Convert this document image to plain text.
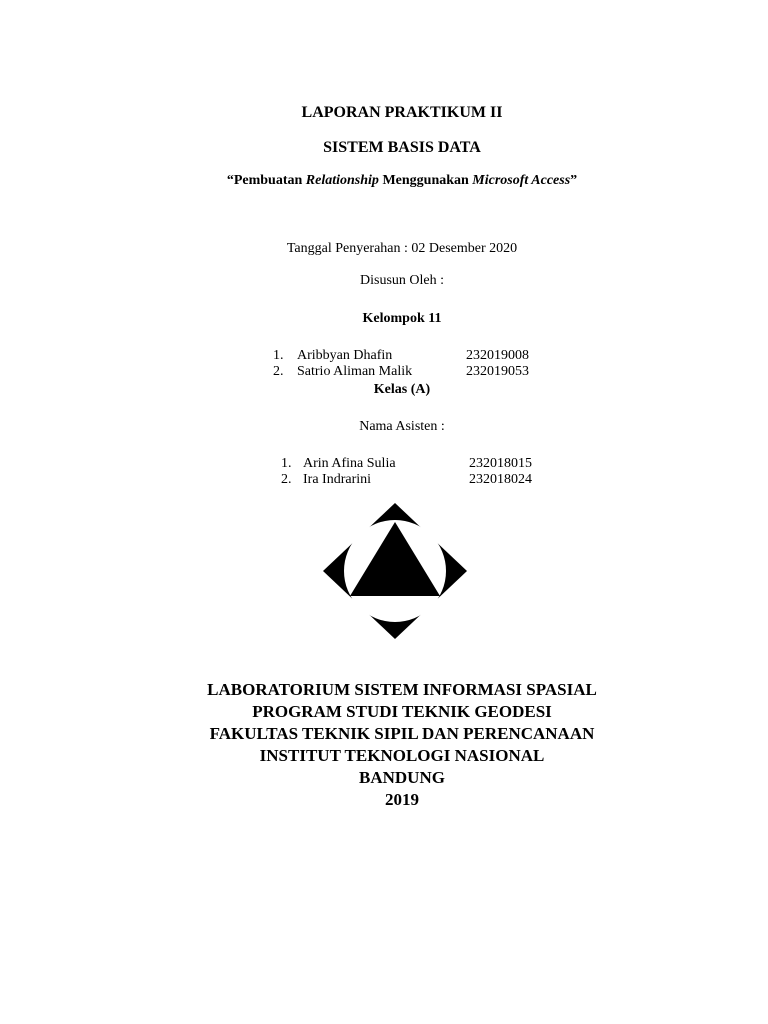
LAPORAN PRAKTIKUM II
SISTEM BASIS DATA
“Pembuatan Relationship Menggunakan Microsoft Access”
Tanggal Penyerahan : 02 Desember 2020
Disusun Oleh :
Kelompok 11
1. Aribbyan Dhafin	232019008
2. Satrio Aliman Malik	232019053
Kelas (A)
Nama Asisten :
1. Arin Afina Sulia	232018015
2. Ira Indrarini	232018024
LABORATORIUM SISTEM INFORMASI SPASIAL
PROGRAM STUDI TEKNIK GEODESI
FAKULTAS TEKNIK SIPIL DAN PERENCANAAN
INSTITUT TEKNOLOGI NASIONAL
BANDUNG
2019
